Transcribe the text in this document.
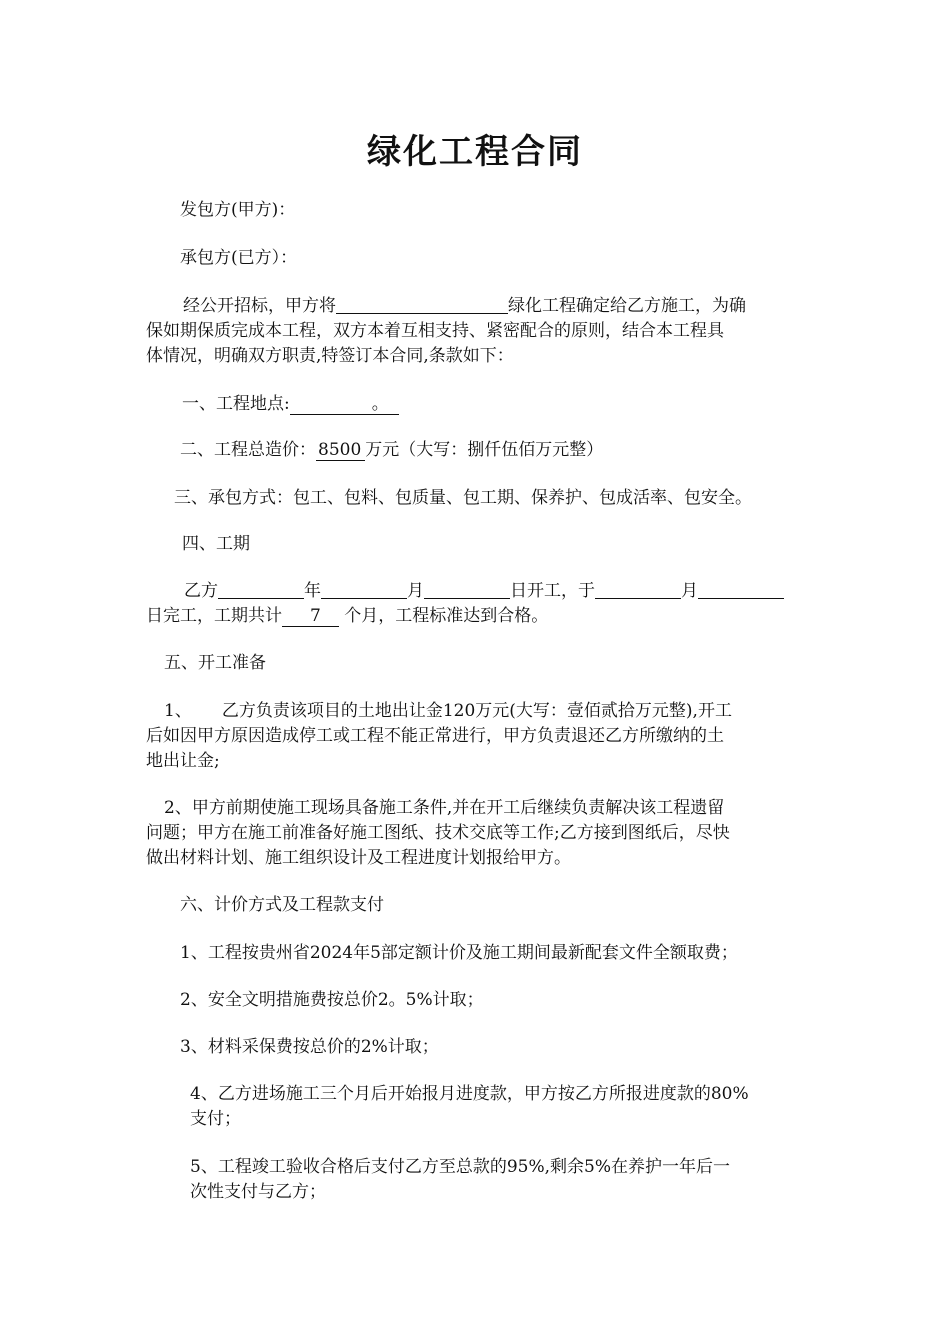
绿化工程合同

发包方(甲方)：

承包方(已方）：

经公开招标，甲方将	绿化工程确定给乙方施工，为确

保如期保质完成本工程，双方本着互相支持、紧密配合的原则，结合本工程具

体情况，明确双方职责,特签订本合同,条款如下：

一、工程地点:	。

二、工程总造价： 8500 万元（大写：捌仟伍佰万元整）

三、承包方式：包工、包料、包质量、包工期、保养护、包成活率、包安全。

四、工期

乙方	年	月	日开工，于	月

日完工，工期共计 7 个月，工程标准达到合格。

五、开工准备

1、 乙方负责该项目的土地出让金120万元(大写：壹佰贰拾万元整),开工

后如因甲方原因造成停工或工程不能正常进行，甲方负责退还乙方所缴纳的土

地出让金;

2、甲方前期使施工现场具备施工条件,并在开工后继续负责解决该工程遗留

问题；甲方在施工前准备好施工图纸、技术交底等工作;乙方接到图纸后，尽快

做出材料计划、施工组织设计及工程进度计划报给甲方。

六、计价方式及工程款支付

1、工程按贵州省2024年5部定额计价及施工期间最新配套文件全额取费；

2、安全文明措施费按总价2。5%计取；

3、材料采保费按总价的2%计取；

4、乙方进场施工三个月后开始报月进度款，甲方按乙方所报进度款的80%

支付；

5、工程竣工验收合格后支付乙方至总款的95%,剩余5%在养护一年后一

次性支付与乙方；
